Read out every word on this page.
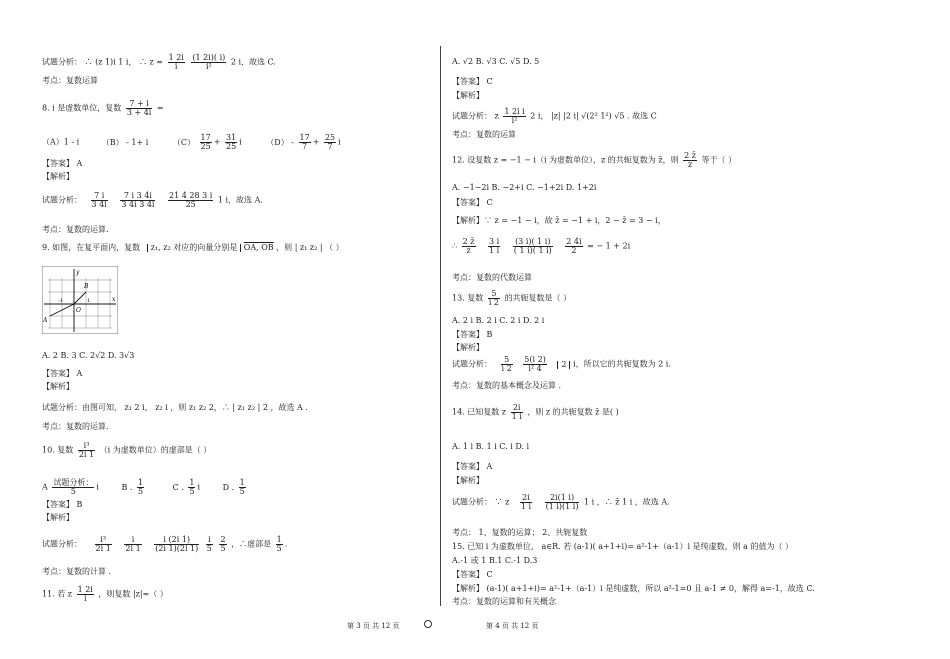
试题分析： ∴ (z 1)i 1 i， ∴ $z = \frac{1 2i}{i}$
$\frac{(1 2i)( i)}{\text{i²}} 2$ i，故选 C.
考点：复数运算
8. i 是虚数单位，复数 $\frac{7 + i}{3 + 4i}$ =
（A）1 - i	（B） - 1+ i	$(C) \frac{17}{25} + \frac{31}{25}$ i	$(D) - \frac{17}{7} + \frac{25}{7}$ i
【答案】 A
【解析】
试题分析： $\frac{7 i}{3 4i}$
$\frac{7 i 3 4i}{3 4i 3 4i}$
$\frac{21 4 28 3 i}{25} 1$ i，故选 A.
考点：复数的运算.
9. 如图，在复平面内，复数 z₁, z₂ 对应的向量分别是 OA, OB ，则 | z₁ z₂ | （ ）
y
B
A
O
x
-1	1
A. 2 B. 3 C. 2√2 D. 3√3
【答案】 A
【解析】
试题分析：由图可知， z₁ 2 i， z₂ i ，则 z₁ z₂ 2，∴ | z₁ z₂ | 2 ，故选 A .
考点：复数的运算.
10. 复数 $\frac{\text{i³}}{2i 1} (i$ 为虚数单位）的虚部是（ ）
A $\frac{\text{试题分析：}}{5}$ i	B . $\frac{1}{5}$	C . $\frac{1}{5}$ i	D . $\frac{1}{5}$
【答案】 B
【解析】
试题分析： $\frac{\text{i³}}{2i 1}$
$\frac{i}{2i 1}$
$\frac{i (2i 1)}{(2i 1)(2i 1)}$
$\frac{i}{5}$
$\frac{2}{5}$ ，∴虚部是 $\frac{1}{5}$ .
考点：复数的计算 .
11. 若 z $\frac{1 2i}{i}$ ，则复数 |z|=（ ）
A. √2 B. √3 C. √5 D. 5
【答案】 C
【解析】
试题分析： z $\frac{\text{1 2i i}}{\text{i²}} 2$ i， |z| |2 i| √(2² 1²) √5 . 故选 C
考点：复数的运算
12. 设复数 z = −1 − i（i 为虚数单位），z 的共轭复数为 z̄，则 $\frac{2 z̄}{z}$ 等于（ ）
A. −1−2i B. −2+i C. −1+2i D. 1+2i
【答案】 C
【解析】∵ z = −1 − i，故 z̄ = −1 + i，2 − z̄ = 3 − i，
∴ $\frac{2 z̄}{z}$
$\frac{3 i}{1 i}$
$\frac{(3 i)( 1 i)}{( 1 i)( 1 i)}$
$\frac{2 4i}{2}$ = − 1 + 2i
考点：复数的代数运算
13. 复数 $\frac{5}{i 2}$ 的共轭复数是（ ）
A. 2 i B. 2 i C. 2 i D. 2 i
【答案】 B
【解析】
试题分析： $\frac{5}{i 2}$
$\frac{5(i 2)}{\text{i² 4}} 2$ i，所以它的共轭复数为 2 i.
考点：复数的基本概念及运算 .
14. 已知复数 z $\frac{2i}{1 i}$ ，则 z 的共轭复数 z̄ 是( )
A. 1 i B. 1 i C. i D. i
【答案】 A
【解析】
试题分析： ∵ z $\frac{2i}{1 i}$
$\frac{2i(1 i)}{(1 i)(1 i)} 1$ i ，∴ z̄ 1 i ，故选 A.
考点： 1、复数的运算； 2、共轭复数
15. 已知 i 为虚数单位， a∈R. 若 (a-1)( a+1+i)= a²-1+（a-1）i 是纯虚数，则 a 的值为（ ）
A.-1 或 1 B.1 C.-1 D.3
【答案】 C
【解析】 (a-1)( a+1+i)= a²-1+（a-1）i 是纯虚数，所以 a²-1=0 且 a-1 ≠ 0，解得 a=-1，故选 C.
考点：复数的运算和有关概念
第 3 页 共 12 页	第 4 页 共 12 页
